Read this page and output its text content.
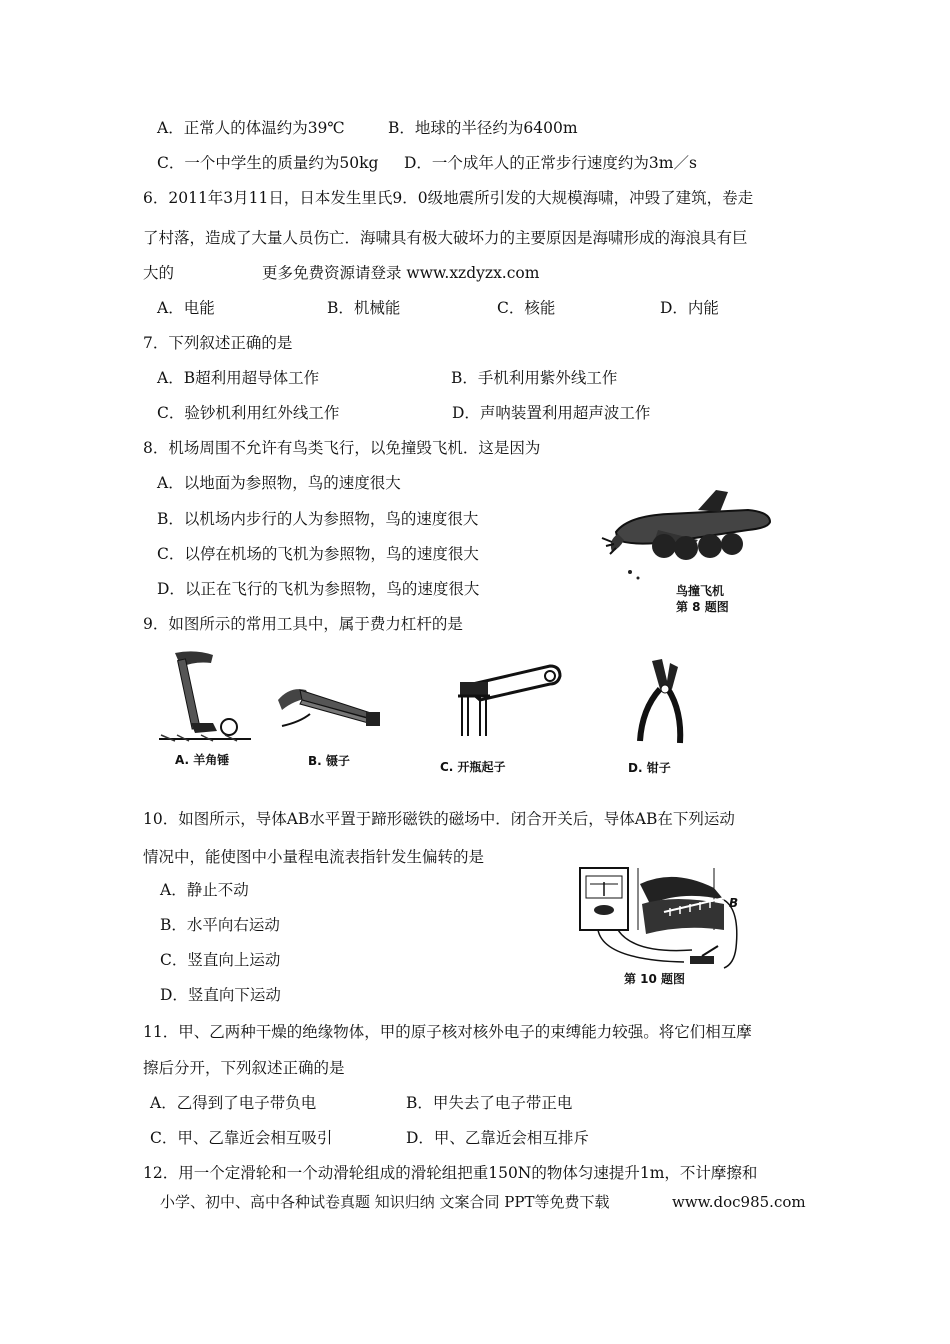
A．正常人的体温约为39℃	B．地球的半径约为6400m
C．一个中学生的质量约为50kg D．一个成年人的正常步行速度约为3m／s
6．2011年3月11日，日本发生里氏9．0级地震所引发的大规模海啸，冲毁了建筑，卷走
了村落，造成了大量人员伤亡．海啸具有极大破坏力的主要原因是海啸形成的海浪具有巨
大的	更多免费资源请登录 www.xzdyzx.com
A．电能	B．机械能	C．核能	D．内能
7．下列叙述正确的是
A．B超利用超导体工作	B．手机利用紫外线工作
C．验钞机利用红外线工作	D．声呐装置利用超声波工作
8．机场周围不允许有鸟类飞行，以免撞毁飞机．这是因为
A．以地面为参照物，鸟的速度很大
B．以机场内步行的人为参照物，鸟的速度很大
C．以停在机场的飞机为参照物，鸟的速度很大
D．以正在飞行的飞机为参照物，鸟的速度很大	鸟撞飞机
第 8 题图
9．如图所示的常用工具中，属于费力杠杆的是
A. 羊角锤	B. 镊子	C. 开瓶起子	D. 钳子
10．如图所示，导体AB水平置于蹄形磁铁的磁场中．闭合开关后，导体AB在下列运动
情况中，能使图中小量程电流表指针发生偏转的是
A．静止不动
B．水平向右运动
C．竖直向上运动
D．竖直向下运动
B
第 10 题图
11．甲、乙两种干燥的绝缘物体，甲的原子核对核外电子的束缚能力较强。将它们相互摩
擦后分开，下列叙述正确的是
A．乙得到了电子带负电	B．甲失去了电子带正电
C．甲、乙靠近会相互吸引	D．甲、乙靠近会相互排斥
12．用一个定滑轮和一个动滑轮组成的滑轮组把重150N的物体匀速提升1m，不计摩擦和
小学、初中、高中各种试卷真题 知识归纳 文案合同 PPT等免费下载	www.doc985.com
